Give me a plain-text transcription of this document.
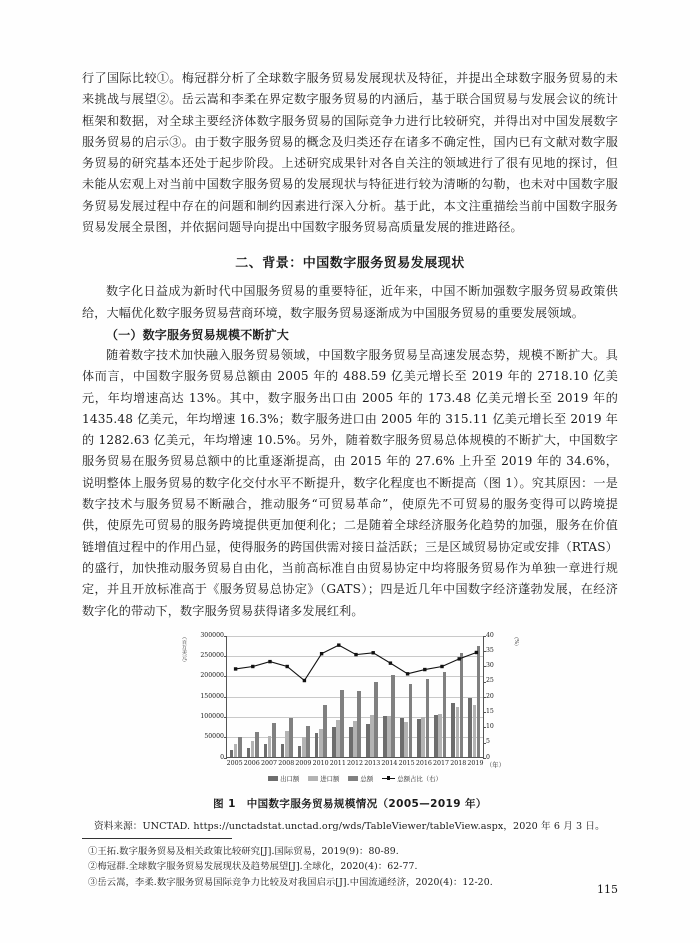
行了国际比较①。梅冠群分析了全球数字服务贸易发展现状及特征，并提出全球数字服务贸易的未来挑战与展望②。岳云嵩和李柔在界定数字服务贸易的内涵后，基于联合国贸易与发展会议的统计框架和数据，对全球主要经济体数字服务贸易的国际竞争力进行比较研究，并得出对中国发展数字服务贸易的启示③。由于数字服务贸易的概念及归类还存在诸多不确定性，国内已有文献对数字服务贸易的研究基本还处于起步阶段。上述研究成果针对各自关注的领域进行了很有见地的探讨，但未能从宏观上对当前中国数字服务贸易的发展现状与特征进行较为清晰的勾勒，也未对中国数字服务贸易发展过程中存在的问题和制约因素进行深入分析。基于此，本文注重描绘当前中国数字服务贸易发展全景图，并依据问题导向提出中国数字服务贸易高质量发展的推进路径。

二、背景：中国数字服务贸易发展现状

数字化日益成为新时代中国服务贸易的重要特征，近年来，中国不断加强数字服务贸易政策供给，大幅优化数字服务贸易营商环境，数字服务贸易逐渐成为中国服务贸易的重要发展领域。

（一）数字服务贸易规模不断扩大

随着数字技术加快融入服务贸易领域，中国数字服务贸易呈高速发展态势，规模不断扩大。具体而言，中国数字服务贸易总额由 2005 年的 488.59 亿美元增长至 2019 年的 2718.10 亿美元，年均增速高达 13%。其中，数字服务出口由 2005 年的 173.48 亿美元增长至 2019 年的 1435.48 亿美元，年均增速 16.3%；数字服务进口由 2005 年的 315.11 亿美元增长至 2019 年的 1282.63 亿美元，年均增速 10.5%。另外，随着数字服务贸易总体规模的不断扩大，中国数字服务贸易在服务贸易总额中的比重逐渐提高，由 2015 年的 27.6% 上升至 2019 年的 34.6%，说明整体上服务贸易的数字化交付水平不断提升，数字化程度也不断提高（图 1）。究其原因：一是数字技术与服务贸易不断融合，推动服务“可贸易革命”，使原先不可贸易的服务变得可以跨境提供，使原先可贸易的服务跨境提供更加便利化；二是随着全球经济服务化趋势的加强，服务在价值链增值过程中的作用凸显，使得服务的跨国供需对接日益活跃；三是区域贸易协定或安排（RTAS）的盛行，加快推动服务贸易自由化，当前高标准自由贸易协定中均将服务贸易作为单独一章进行规定，并且开放标准高于《服务贸易总协定》（GATS）；四是近几年中国数字经济蓬勃发展，在经济数字化的带动下，数字服务贸易获得诸多发展红利。

（百万美元）	（%）
0
50000
100000
150000
200000
250000
300000
0
5
10
15
20
25
30
35
40
2005 2006 2007 2008 2009 2010 2011 2012 2013 2014 2015 2016 2017 2018 2019 （年）
出口额	进口额	总额	总额占比（右）
图 1　中国数字服务贸易规模情况（2005—2019 年）
资料来源：UNCTAD. https://unctadstat.unctad.org/wds/TableViewer/tableView.aspx，2020 年 6 月 3 日。
①王拓.数字服务贸易及相关政策比较研究[J].国际贸易，2019(9)：80-89.
②梅冠群.全球数字服务贸易发展现状及趋势展望[J].全球化，2020(4)：62-77.
③岳云嵩，李柔.数字服务贸易国际竞争力比较及对我国启示[J].中国流通经济，2020(4)：12-20.
115
